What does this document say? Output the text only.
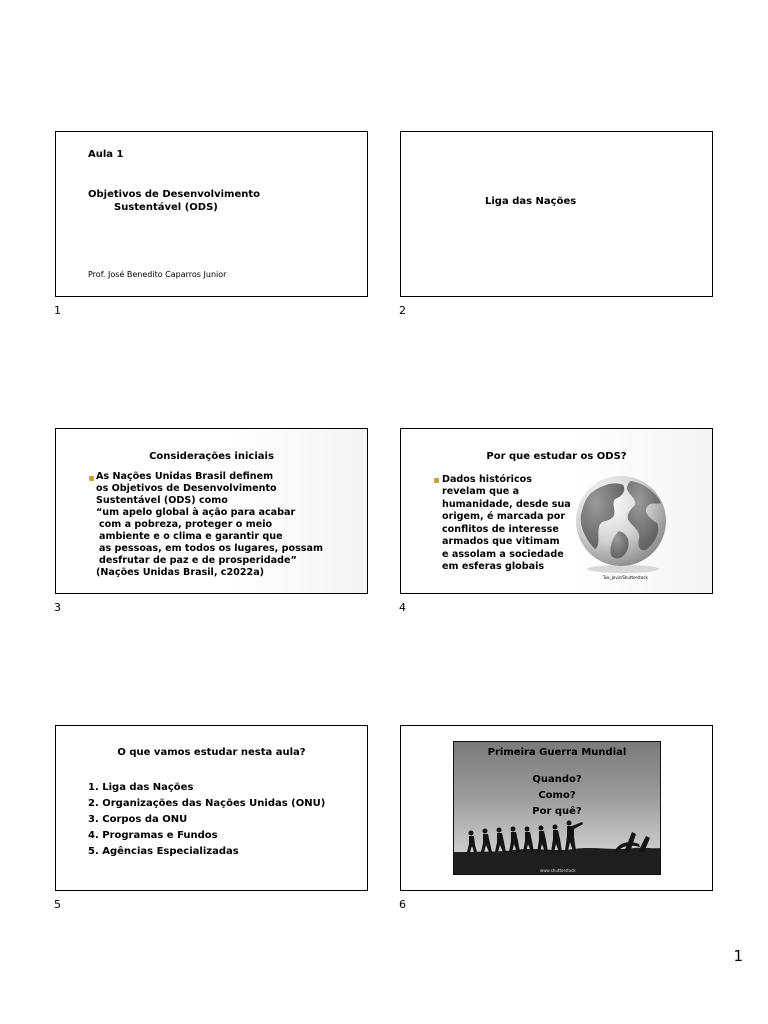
Aula 1
Objetivos de Desenvolvimento
Sustentável (ODS)
Prof. José Benedito Caparros Junior
1
Liga das Nações
2
Considerações iniciais
As Nações Unidas Brasil definem
os Objetivos de Desenvolvimento
Sustentável (ODS) como
“um apelo global à ação para acabar
com a pobreza, proteger o meio
ambiente e o clima e garantir que
as pessoas, em todos os lugares, possam
desfrutar de paz e de prosperidade”
(Nações Unidas Brasil, c2022a)
3
Por que estudar os ODS?
Dados históricos
revelam que a
humanidade, desde sua
origem, é marcada por
conflitos de interesse
armados que vitimam
e assolam a sociedade
em esferas globais
Tuk_Jovic/Shutterstock
4
O que vamos estudar nesta aula?
1. Liga das Nações
2. Organizações das Nações Unidas (ONU)
3. Corpos da ONU
4. Programas e Fundos
5. Agências Especializadas
5
Primeira Guerra Mundial
Quando?
Como?
Por quê?
www.shutterstock
6
1
